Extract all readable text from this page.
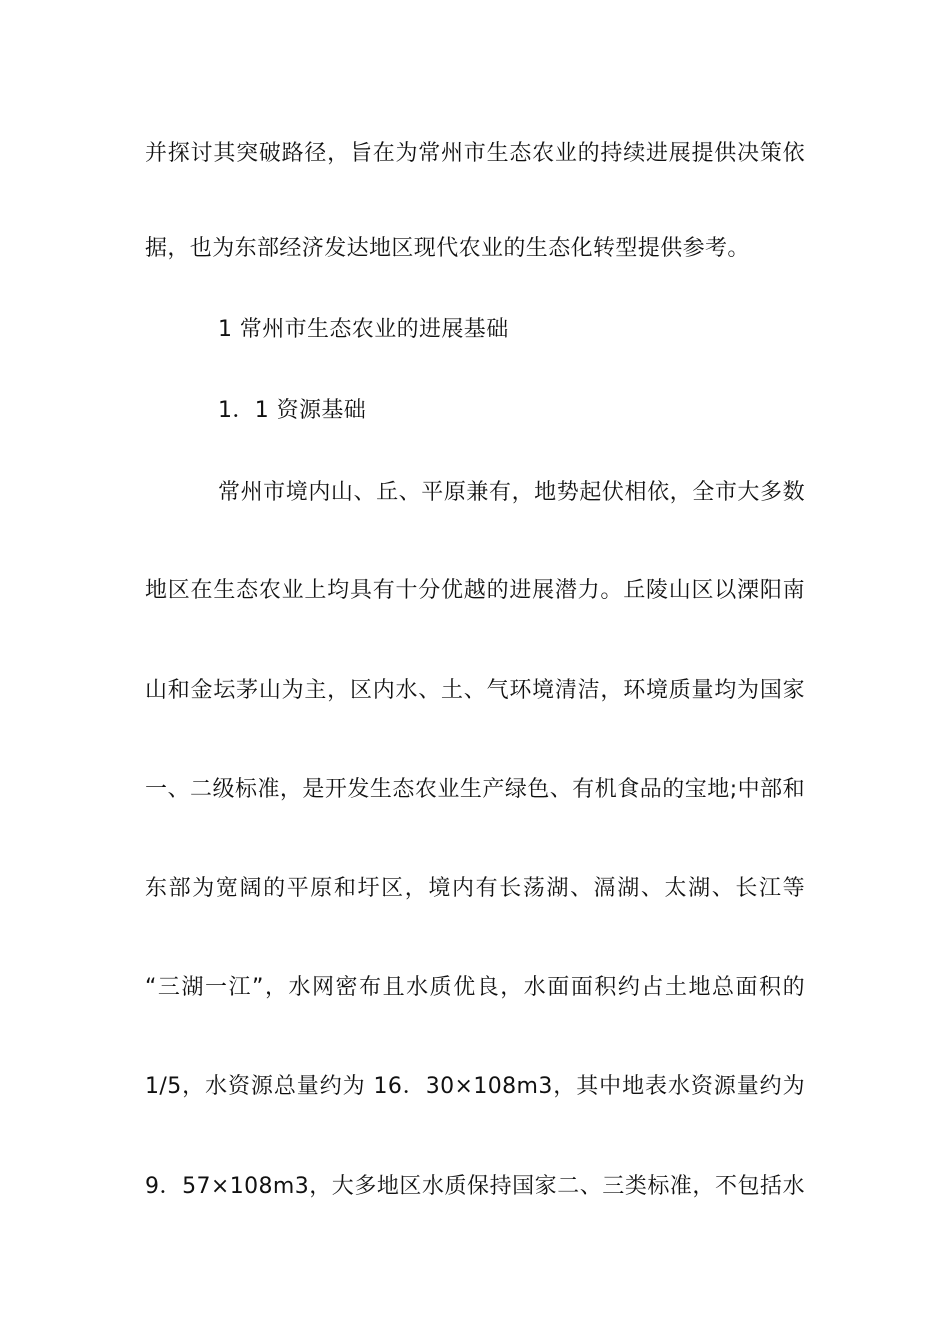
并探讨其突破路径，旨在为常州市生态农业的持续进展提供决策依
据，也为东部经济发达地区现代农业的生态化转型提供参考。
1 常州市生态农业的进展基础
1．1 资源基础
常州市境内山、丘、平原兼有，地势起伏相依，全市大多数
地区在生态农业上均具有十分优越的进展潜力。丘陵山区以溧阳南
山和金坛茅山为主，区内水、土、气环境清洁，环境质量均为国家
一、二级标准，是开发生态农业生产绿色、有机食品的宝地;中部和
东部为宽阔的平原和圩区，境内有长荡湖、滆湖、太湖、长江等
“三湖一江”，水网密布且水质优良，水面面积约占土地总面积的
1/5，水资源总量约为 16．30×108m3，其中地表水资源量约为
9．57×108m3，大多地区水质保持国家二、三类标准，不包括水
